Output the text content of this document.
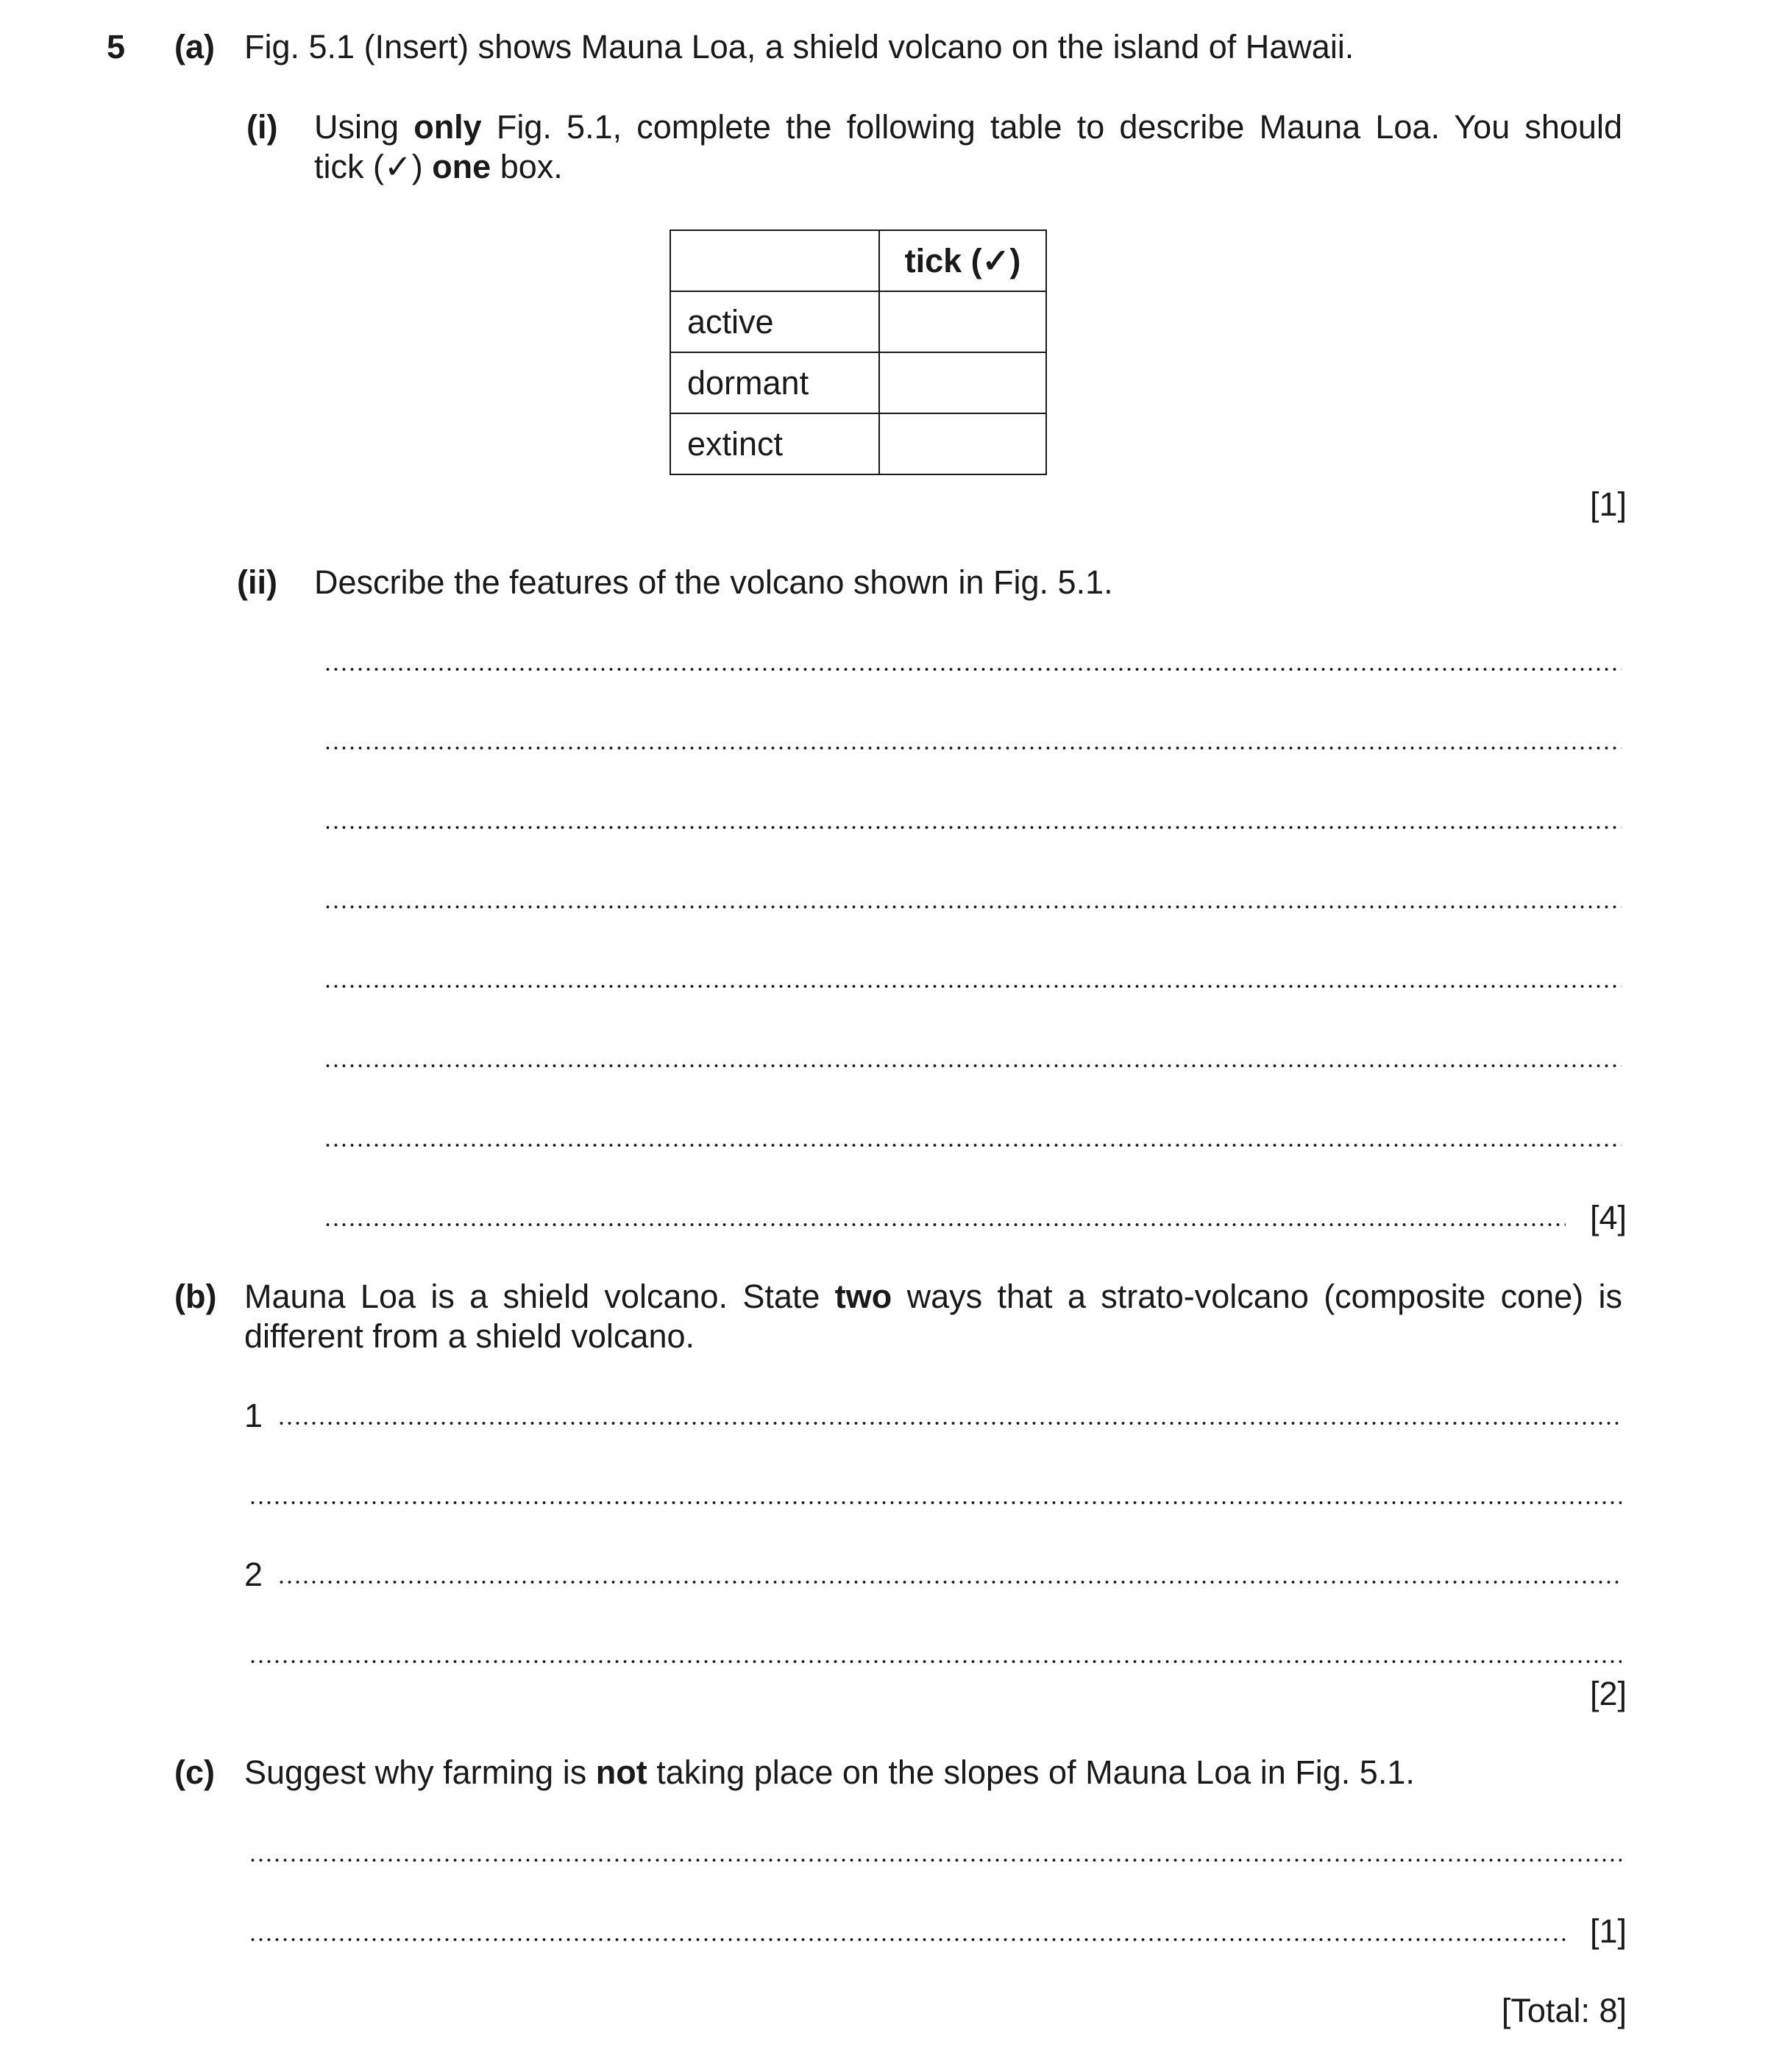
5 (a) Fig. 5.1 (Insert) shows Mauna Loa, a shield volcano on the island of Hawaii.
(i) Using only Fig. 5.1, complete the following table to describe Mauna Loa. You should
tick (✓) one box.
	tick (✓)
active	
dormant	
extinct	
[1]
(ii) Describe the features of the volcano shown in Fig. 5.1.
[4]
(b) Mauna Loa is a shield volcano. State two ways that a strato-volcano (composite cone) is
different from a shield volcano.
1
2
[2]
(c) Suggest why farming is not taking place on the slopes of Mauna Loa in Fig. 5.1.
[1]
[Total: 8]
